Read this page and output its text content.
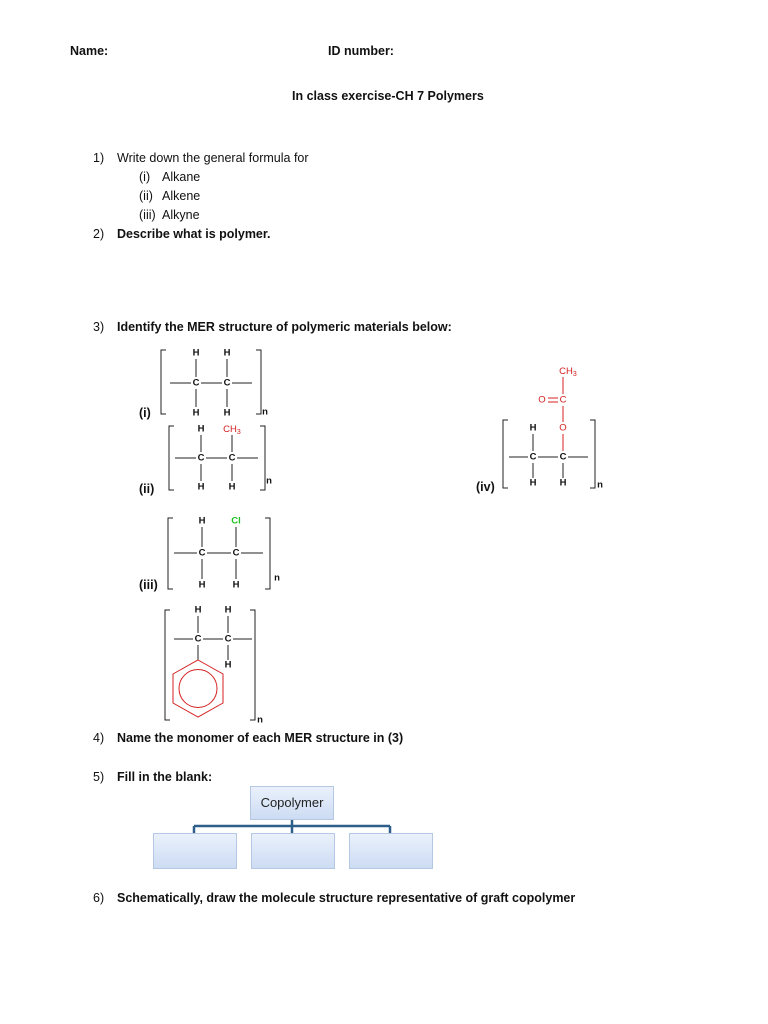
Name:	ID number:
In class exercise-CH 7 Polymers
1) Write down the general formula for
(i) Alkane
(ii) Alkene
(iii) Alkyne
2) Describe what is polymer.
3) Identify the MER structure of polymeric materials below:
(i)
(ii)
(iii)
(iv)
H	H
C	C
H	H	n
H $CH_3$
C	C
H	H
n
H	Cl
C	C
H	H
n
$CH_3$
O C
H O
C C
H H	n
H H
C C
H
n
4) Name the monomer of each MER structure in (3)
5) Fill in the blank:
Copolymer
6) Schematically, draw the molecule structure representative of graft copolymer
